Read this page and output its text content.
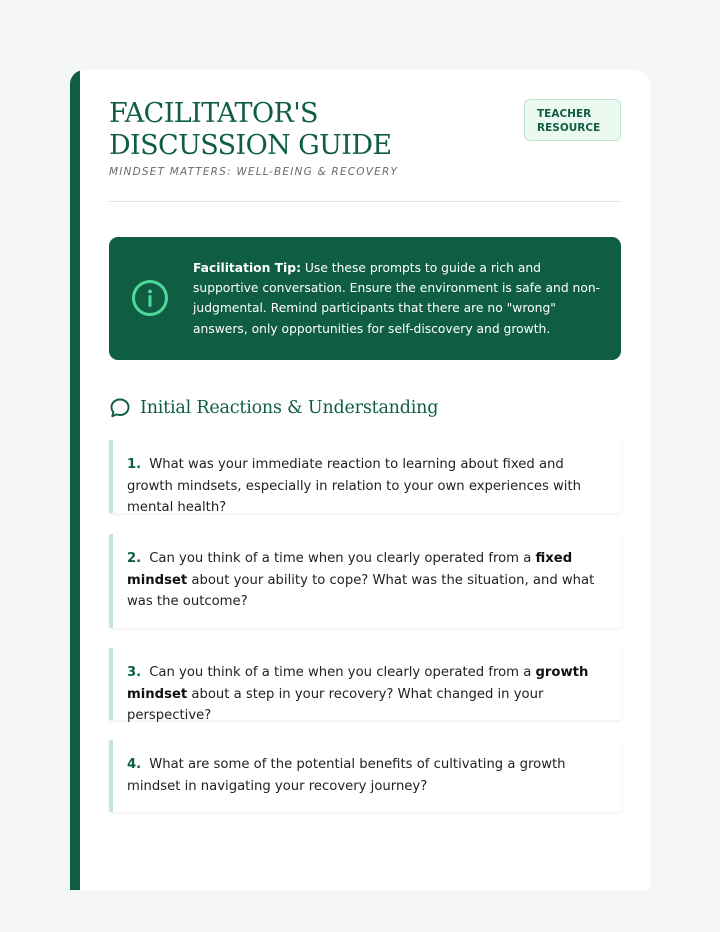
FACILITATOR'S DISCUSSION GUIDE
MINDSET MATTERS: WELL-BEING & RECOVERY
TEACHER
RESOURCE
Facilitation Tip: Use these prompts to guide a rich and supportive conversation. Ensure the environment is safe and non-judgmental. Remind participants that there are no "wrong" answers, only opportunities for self-discovery and growth.
Initial Reactions & Understanding
1. What was your immediate reaction to learning about fixed and growth mindsets, especially in relation to your own experiences with mental health?
2. Can you think of a time when you clearly operated from a fixed mindset about your ability to cope? What was the situation, and what was the outcome?
3. Can you think of a time when you clearly operated from a growth mindset about a step in your recovery? What changed in your perspective?
4. What are some of the potential benefits of cultivating a growth mindset in navigating your recovery journey?
